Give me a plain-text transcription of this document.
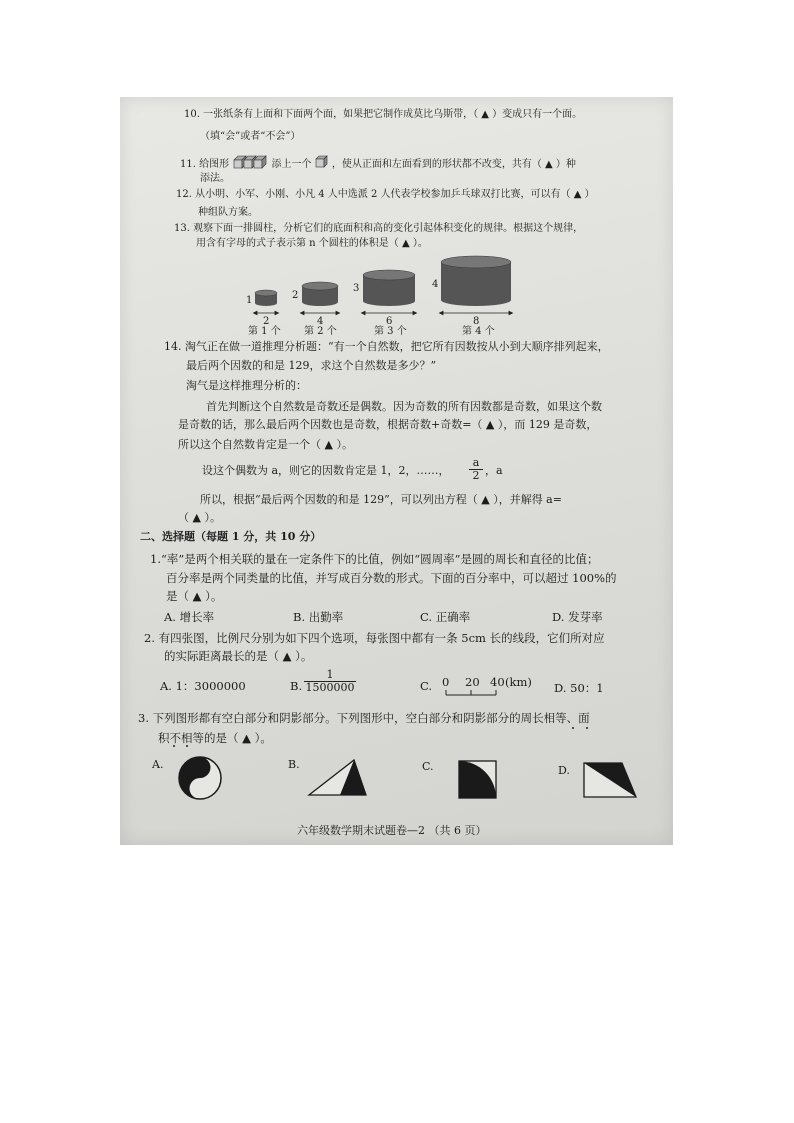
10. 一张纸条有上面和下面两个面，如果把它制作成莫比乌斯带，（ ▲ ）变成只有一个面。
（填“会”或者“不会”）
11. 给图形	添上一个 ，使从正面和左面看到的形状都不改变，共有（ ▲ ）种
添法。
12. 从小明、小军、小刚、小凡 4 人中选派 2 人代表学校参加乒乓球双打比赛，可以有（ ▲ ）
种组队方案。
13. 观察下面一排圆柱，分析它们的底面积和高的变化引起体积变化的规律。根据这个规律，
用含有字母的式子表示第 n 个圆柱的体积是（ ▲ ）。
1
2
第 1 个
2
4
第 2 个
3
6
第 3 个
4
8
第 4 个
14. 淘气正在做一道推理分析题：“有一个自然数，把它所有因数按从小到大顺序排列起来，
最后两个因数的和是 129，求这个自然数是多少？”
淘气是这样推理分析的：
首先判断这个自然数是奇数还是偶数。因为奇数的所有因数都是奇数，如果这个数
是奇数的话，那么最后两个因数也是奇数，根据奇数+奇数=（ ▲ ），而 129 是奇数，
所以这个自然数肯定是一个（ ▲ ）。
设这个偶数为 a，则它的因数肯定是 1，2，……， $\frac{a}{2}$ ，a
所以，根据“最后两个因数的和是 129”，可以列出方程（ ▲ ），并解得 a=
（ ▲ ）。
二、选择题（每题 1 分，共 10 分）
1.“率”是两个相关联的量在一定条件下的比值，例如“圆周率”是圆的周长和直径的比值；
百分率是两个同类量的比值，并写成百分数的形式。下面的百分率中，可以超过 100%的
是（ ▲ ）。
A. 增长率	B. 出勤率	C. 正确率	D. 发芽率
2. 有四张图，比例尺分别为如下四个选项，每张图中都有一条 5cm 长的线段，它们所对应
的实际距离最长的是（ ▲ ）。
A. 1：3000000	B. $\frac{1}{1500000}$	C. 0 20 40 (km) D. 50：1
3. 下列图形都有空白部分和阴影部分。下列图形中，空白部分和阴影部分的周长相等、面
积不相等的是（ ▲ ）。
A.	B.	C.	D.
六年级数学期末试题卷—2 （共 6 页）
